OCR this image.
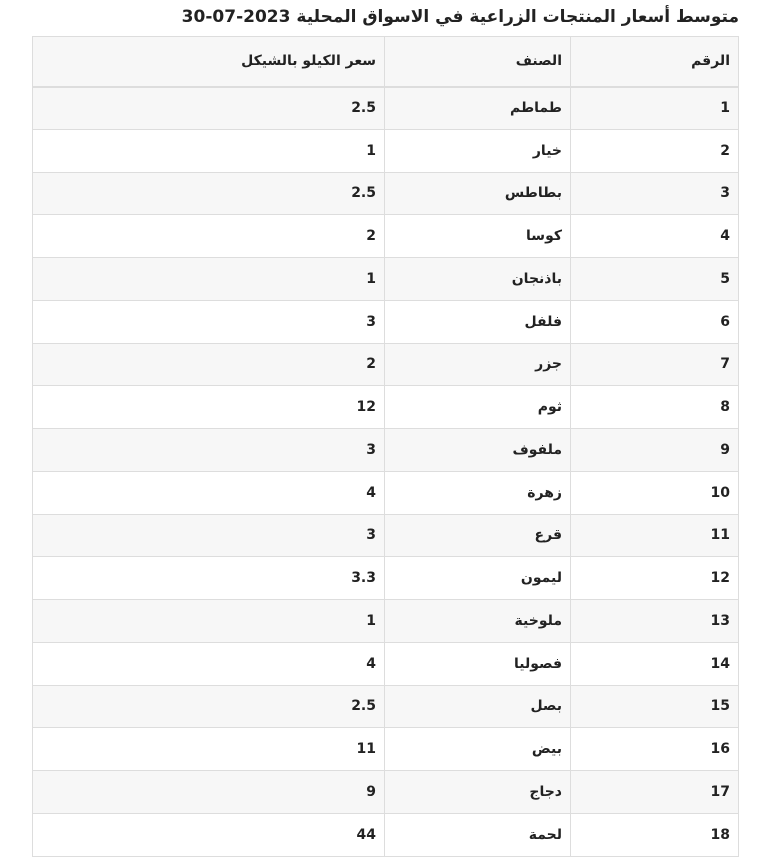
متوسط أسعار المنتجات الزراعية في الاسواق المحلية 2023-07-30
الرقم	الصنف	سعر الكيلو بالشيكل
1	طماطم	2.5
2	خيار	1
3	بطاطس	2.5
4	كوسا	2
5	باذنجان	1
6	فلفل	3
7	جزر	2
8	ثوم	12
9	ملفوف	3
10	زهرة	4
11	قرع	3
12	ليمون	3.3
13	ملوخية	1
14	فصوليا	4
15	بصل	2.5
16	بيض	11
17	دجاج	9
18	لحمة	44
